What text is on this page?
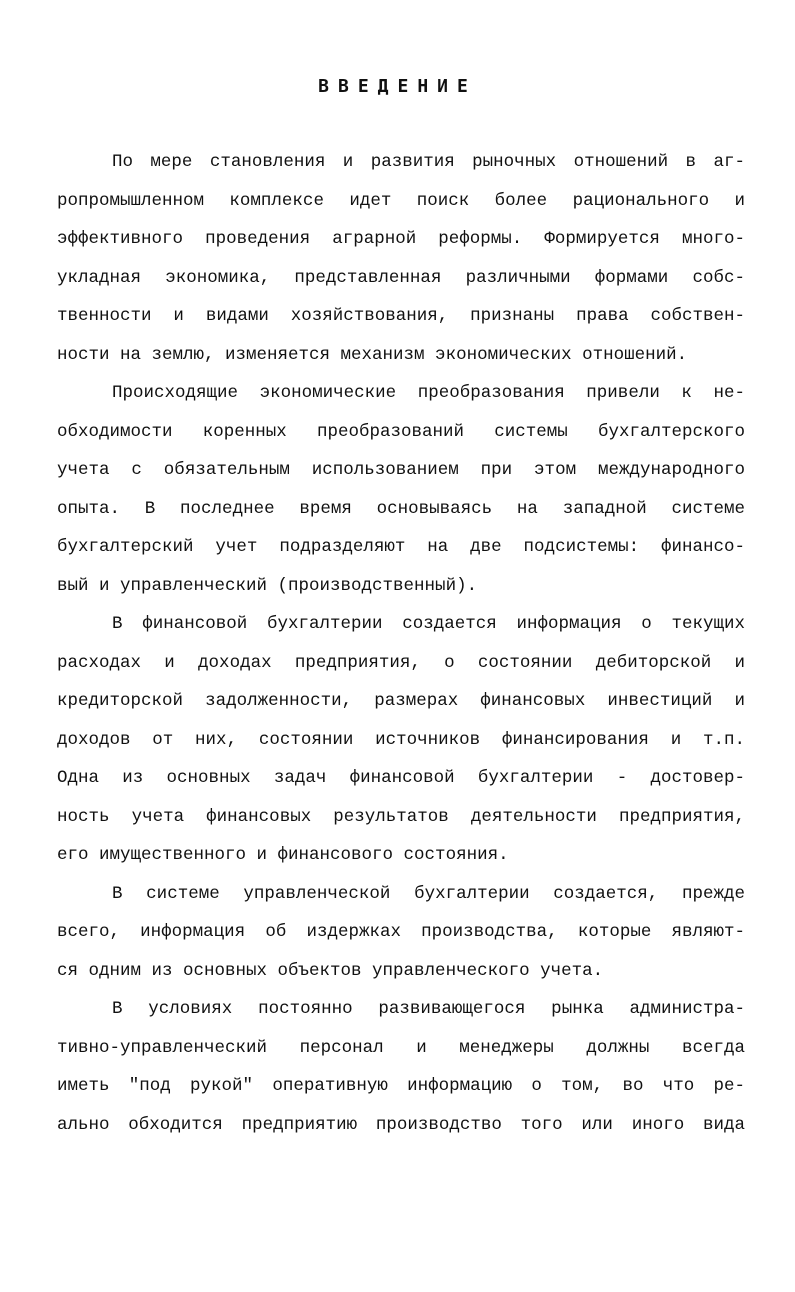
ВВЕДЕНИЕ
По мере становления и развития рыночных отношений в аг-
ропромышленном комплексе идет поиск более рационального и
эффективного проведения аграрной реформы. Формируется много-
укладная экономика, представленная различными формами собс-
твенности и видами хозяйствования, признаны права собствен-
ности на землю, изменяется механизм экономических отношений.
Происходящие экономические преобразования привели к не-
обходимости коренных преобразований системы бухгалтерского
учета с обязательным использованием при этом международного
опыта. В последнее время основываясь на западной системе
бухгалтерский учет подразделяют на две подсистемы: финансо-
вый и управленческий (производственный).
В финансовой бухгалтерии создается информация о текущих
расходах и доходах предприятия, о состоянии дебиторской и
кредиторской задолженности, размерах финансовых инвестиций и
доходов от них, состоянии источников финансирования и т.п.
Одна из основных задач финансовой бухгалтерии - достовер-
ность учета финансовых результатов деятельности предприятия,
его имущественного и финансового состояния.
В системе управленческой бухгалтерии создается, прежде
всего, информация об издержках производства, которые являют-
ся одним из основных объектов управленческого учета.
В условиях постоянно развивающегося рынка администра-
тивно-управленческий персонал и менеджеры должны всегда
иметь "под рукой" оперативную информацию о том, во что ре-
ально обходится предприятию производство того или иного вида
